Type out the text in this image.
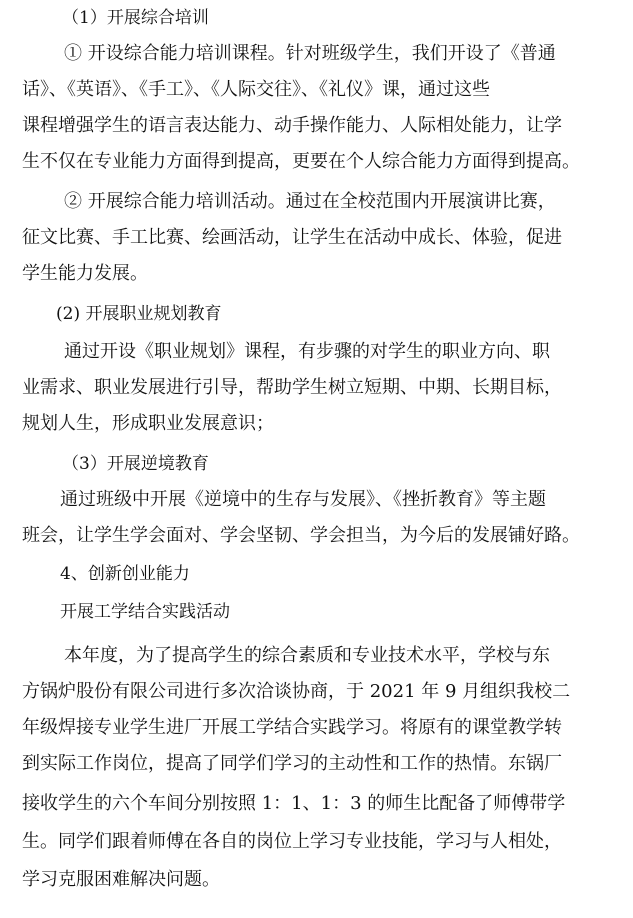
（1）开展综合培训
① 开设综合能力培训课程。针对班级学生，我们开设了《普通
话》、《英语》、《手工》、《人际交往》、《礼仪》课，通过这些
课程增强学生的语言表达能力、动手操作能力、人际相处能力，让学
生不仅在专业能力方面得到提高，更要在个人综合能力方面得到提高。
② 开展综合能力培训活动。通过在全校范围内开展演讲比赛，
征文比赛、手工比赛、绘画活动，让学生在活动中成长、体验，促进
学生能力发展。
(2) 开展职业规划教育
通过开设《职业规划》课程，有步骤的对学生的职业方向、职
业需求、职业发展进行引导，帮助学生树立短期、中期、长期目标，
规划人生，形成职业发展意识；
（3）开展逆境教育
通过班级中开展《逆境中的生存与发展》、《挫折教育》等主题
班会，让学生学会面对、学会坚韧、学会担当，为今后的发展铺好路。
4、创新创业能力
开展工学结合实践活动
本年度，为了提高学生的综合素质和专业技术水平，学校与东
方锅炉股份有限公司进行多次洽谈协商，于 2021 年 9 月组织我校二
年级焊接专业学生进厂开展工学结合实践学习。将原有的课堂教学转
到实际工作岗位，提高了同学们学习的主动性和工作的热情。东锅厂
接收学生的六个车间分别按照 1：1、1：3 的师生比配备了师傅带学
生。同学们跟着师傅在各自的岗位上学习专业技能，学习与人相处，
学习克服困难解决问题。
